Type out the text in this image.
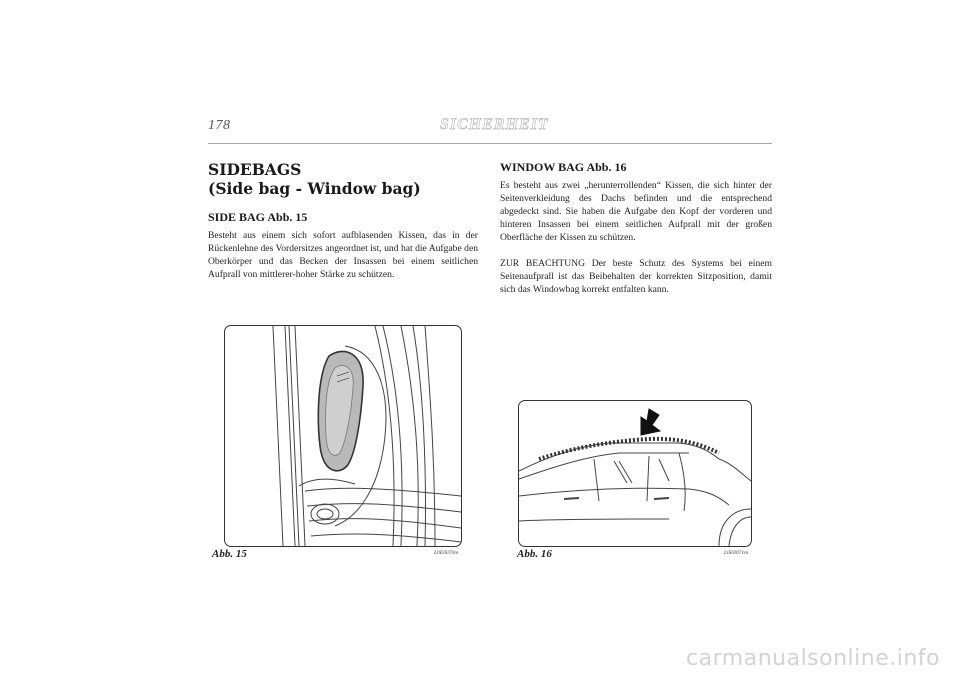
178	SICHERHEIT
SIDEBAGS
(Side bag - Window bag)
SIDE BAG Abb. 15

Besteht aus einem sich sofort aufblasenden Kissen, das in der Rückenlehne des Vordersitzes angeordnet ist, und hat die Aufgabe den Oberkörper und das Becken der Insassen bei einem seitlichen Aufprall von mittlerer-hoher Stärke zu schützen.

WINDOW BAG Abb. 16

Es besteht aus zwei „herunterrollenden“ Kissen, die sich hinter der Seitenverkleidung des Dachs befinden und die entsprechend abgedeckt sind. Sie haben die Aufgabe den Kopf der vorderen und hinteren Insassen bei einem seitlichen Aufprall mit der großen Oberfläche der Kissen zu schützen.

ZUR BEACHTUNG Der beste Schutz des Systems bei einem Seitenaufprall ist das Beibehalten der korrekten Sitzposition, damit sich das Windowbag korrekt entfalten kann.

Abb. 15	L0E0070m	Abb. 16	L0E0071m
carmanualsonline.info
